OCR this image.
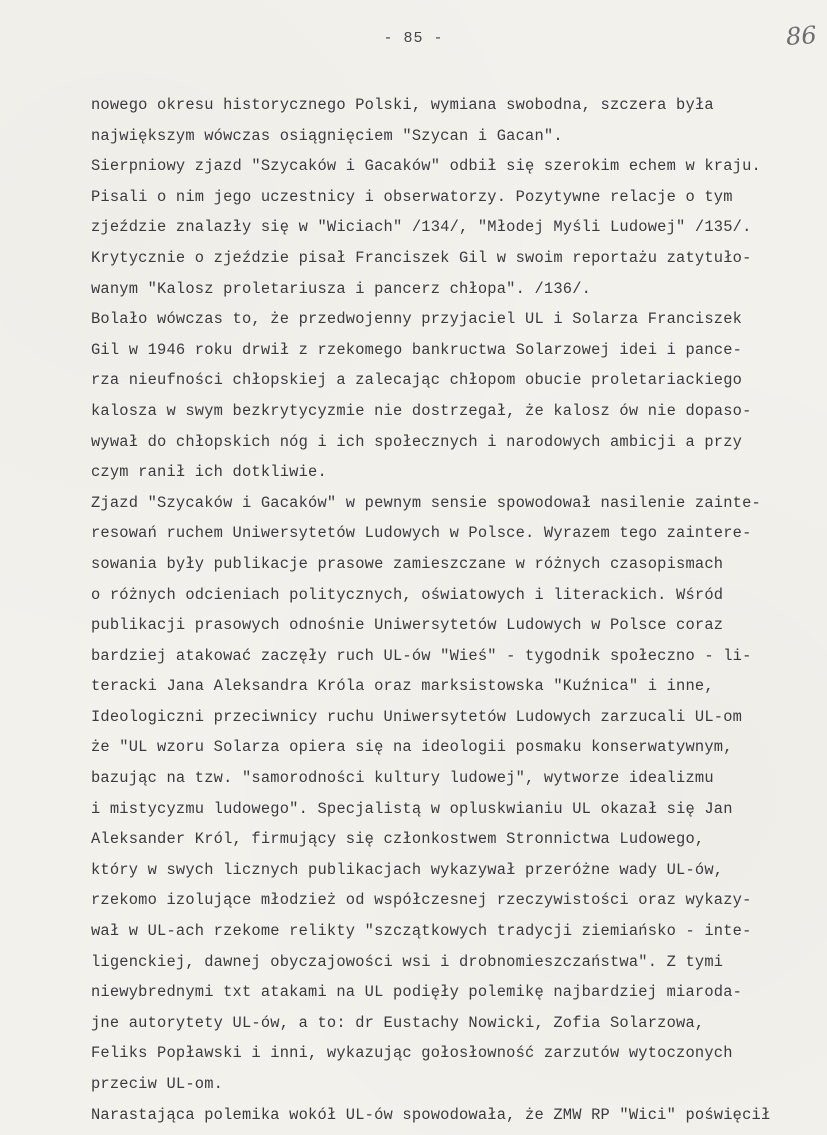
- 85 -	86
nowego okresu historycznego Polski, wymiana swobodna, szczera była
największym wówczas osiągnięciem "Szycan i Gacan".
Sierpniowy zjazd "Szycaków i Gacaków" odbił się szerokim echem w kraju.
Pisali o nim jego uczestnicy i obserwatorzy. Pozytywne relacje o tym
zjeździe znalazły się w "Wiciach" /134/, "Młodej Myśli Ludowej" /135/.
Krytycznie o zjeździe pisał Franciszek Gil w swoim reportażu zatytuło-
wanym "Kalosz proletariusza i pancerz chłopa". /136/.
Bolało wówczas to, że przedwojenny przyjaciel UL i Solarza Franciszek
Gil w 1946 roku drwił z rzekomego bankructwa Solarzowej idei i pance-
rza nieufności chłopskiej a zalecając chłopom obucie proletariackiego
kalosza w swym bezkrytycyzmie nie dostrzegał, że kalosz ów nie dopaso-
wywał do chłopskich nóg i ich społecznych i narodowych ambicji a przy
czym ranił ich dotkliwie.
Zjazd "Szycaków i Gacaków" w pewnym sensie spowodował nasilenie zainte-
resowań ruchem Uniwersytetów Ludowych w Polsce. Wyrazem tego zaintere-
sowania były publikacje prasowe zamieszczane w różnych czasopismach
o różnych odcieniach politycznych, oświatowych i literackich. Wśród
publikacji prasowych odnośnie Uniwersytetów Ludowych w Polsce coraz
bardziej atakować zaczęły ruch UL-ów "Wieś" - tygodnik społeczno - li-
teracki Jana Aleksandra Króla oraz marksistowska "Kuźnica" i inne,
Ideologiczni przeciwnicy ruchu Uniwersytetów Ludowych zarzucali UL-om
że "UL wzoru Solarza opiera się na ideologii posmaku konserwatywnym,
bazując na tzw. "samorodności kultury ludowej", wytworze idealizmu
i mistycyzmu ludowego". Specjalistą w opluskwianiu UL okazał się Jan
Aleksander Król, firmujący się członkostwem Stronnictwa Ludowego,
który w swych licznych publikacjach wykazywał przeróżne wady UL-ów,
rzekomo izolujące młodzież od współczesnej rzeczywistości oraz wykazy-
wał w UL-ach rzekome relikty "szczątkowych tradycji ziemiańsko - inte-
ligenckiej, dawnej obyczajowości wsi i drobnomieszczaństwa". Z tymi
niewybrednymi txt atakami na UL podięły polemikę najbardziej miaroda-
jne autorytety UL-ów, a to: dr Eustachy Nowicki, Zofia Solarzowa,
Feliks Popławski i inni, wykazując gołosłowność zarzutów wytoczonych
przeciw UL-om.
Narastająca polemika wokół UL-ów spowodowała, że ZMW RP "Wici" poświęcił
